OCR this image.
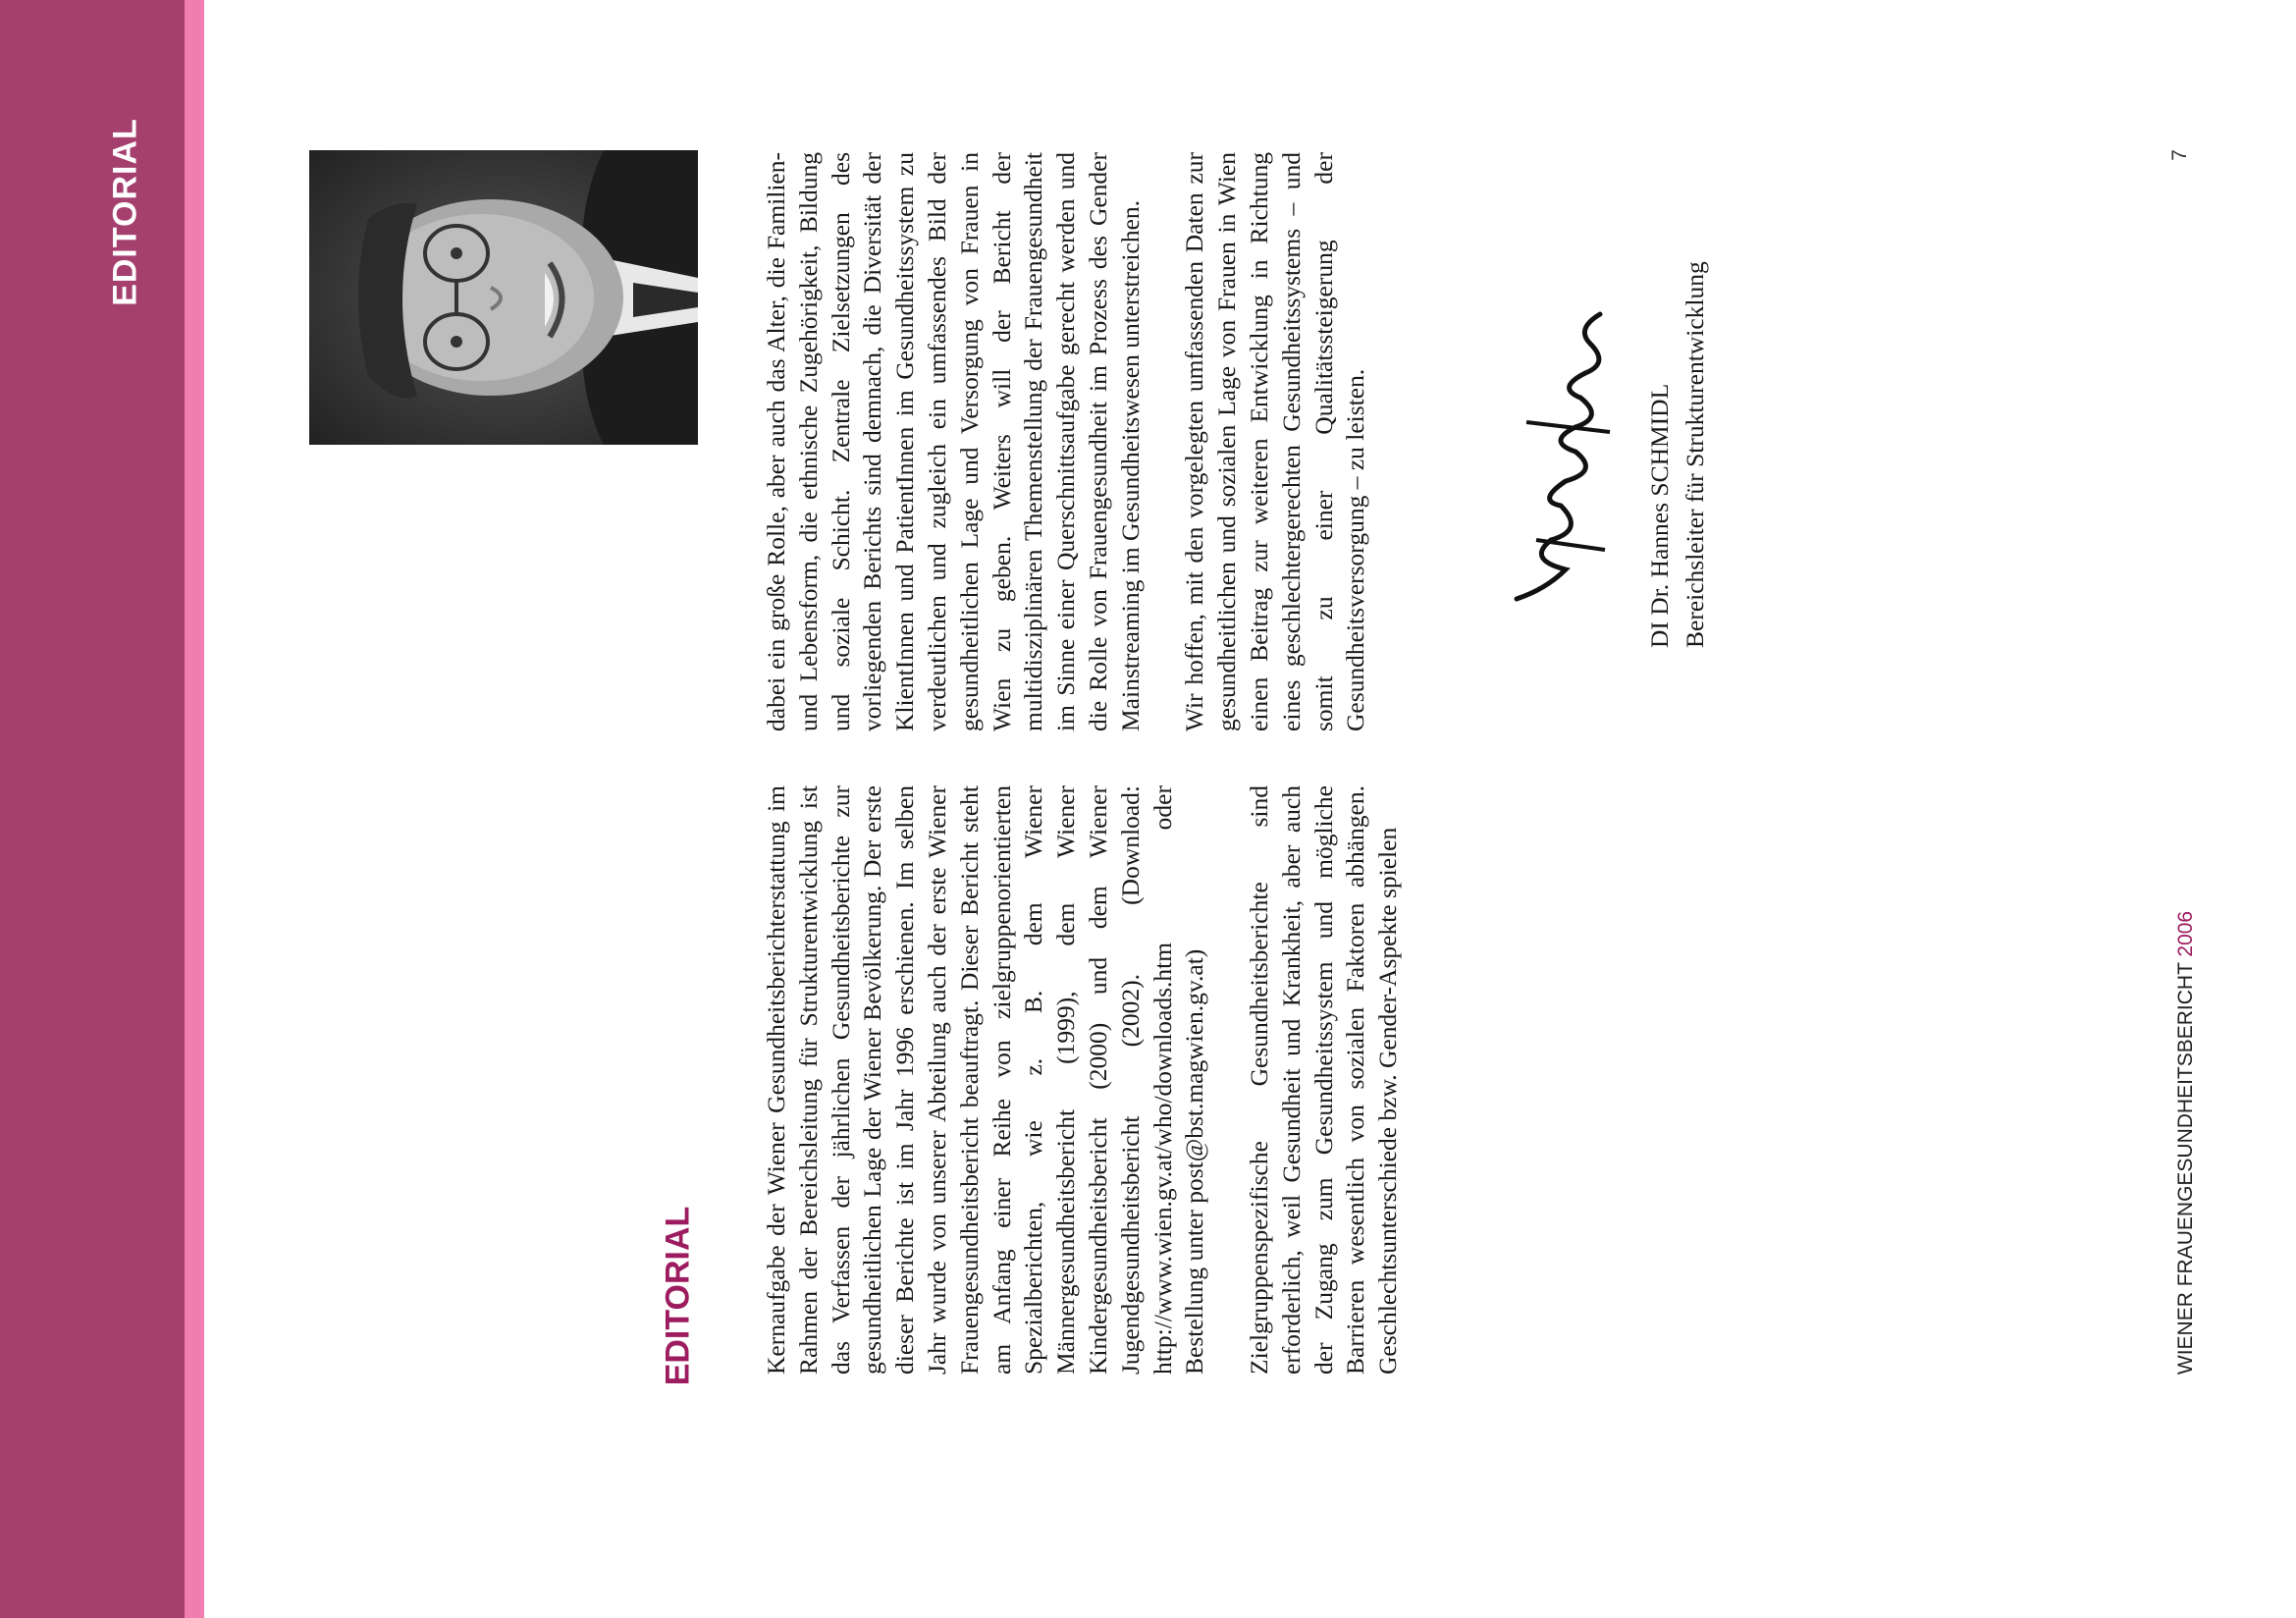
EDITORIAL
EDITORIAL	Kernaufgabe der Wiener Gesundheitsberichterstattung im Rahmen der Bereichsleitung für Strukturentwicklung ist das Verfassen der jährlichen Gesundheitsberichte zur gesundheitlichen Lage der Wiener Bevölkerung. Der erste dieser Berichte ist im Jahr 1996 erschienen. Im selben Jahr wurde von unserer Abteilung auch der erste Wiener Frauengesundheitsbericht beauftragt. Dieser Bericht steht am Anfang einer Reihe von zielgruppenorientierten Spezialberichten, wie z. B. dem Wiener Männergesundheitsbericht (1999), dem Wiener Kindergesundheitsbericht (2000) und dem Wiener Jugendgesundheitsbericht (2002). (Download: http://www.wien.gv.at/who/downloads.htm oder Bestellung unter post@bst.magwien.gv.at) Zielgruppenspezifische Gesundheitsberichte sind erforderlich, weil Gesundheit und Krankheit, aber auch der Zugang zum Gesundheitssystem und mögliche Barrieren wesentlich von sozialen Faktoren abhängen. Geschlechtsunterschiede bzw. Gender-Aspekte spielen

dabei ein große Rolle, aber auch das Alter, die Familien- und Lebensform, die ethnische Zugehörigkeit, Bildung und soziale Schicht. Zentrale Zielsetzungen des vorliegenden Berichts sind demnach, die Diversität der KlientInnen und PatientInnen im Gesundheitssystem zu verdeutlichen und zugleich ein umfassendes Bild der gesundheitlichen Lage und Versorgung von Frauen in Wien zu geben. Weiters will der Bericht der multidisziplinären Themenstellung der Frauengesundheit im Sinne einer Querschnittsaufgabe gerecht werden und die Rolle von Frauengesundheit im Prozess des Gender Mainstreaming im Gesundheitswesen unterstreichen. Wir hoffen, mit den vorgelegten umfassenden Daten zur gesundheitlichen und sozialen Lage von Frauen in Wien einen Beitrag zur weiteren Entwicklung in Richtung eines geschlechtergerechten Gesundheitssystems – und somit zu einer Qualitätssteigerung der Gesundheitsversorgung – zu leisten.	DI Dr. Hannes SCHMIDL Bereichsleiter für Strukturentwicklung
WIENER FRAUENGESUNDHEITSBERICHT 2006
7
